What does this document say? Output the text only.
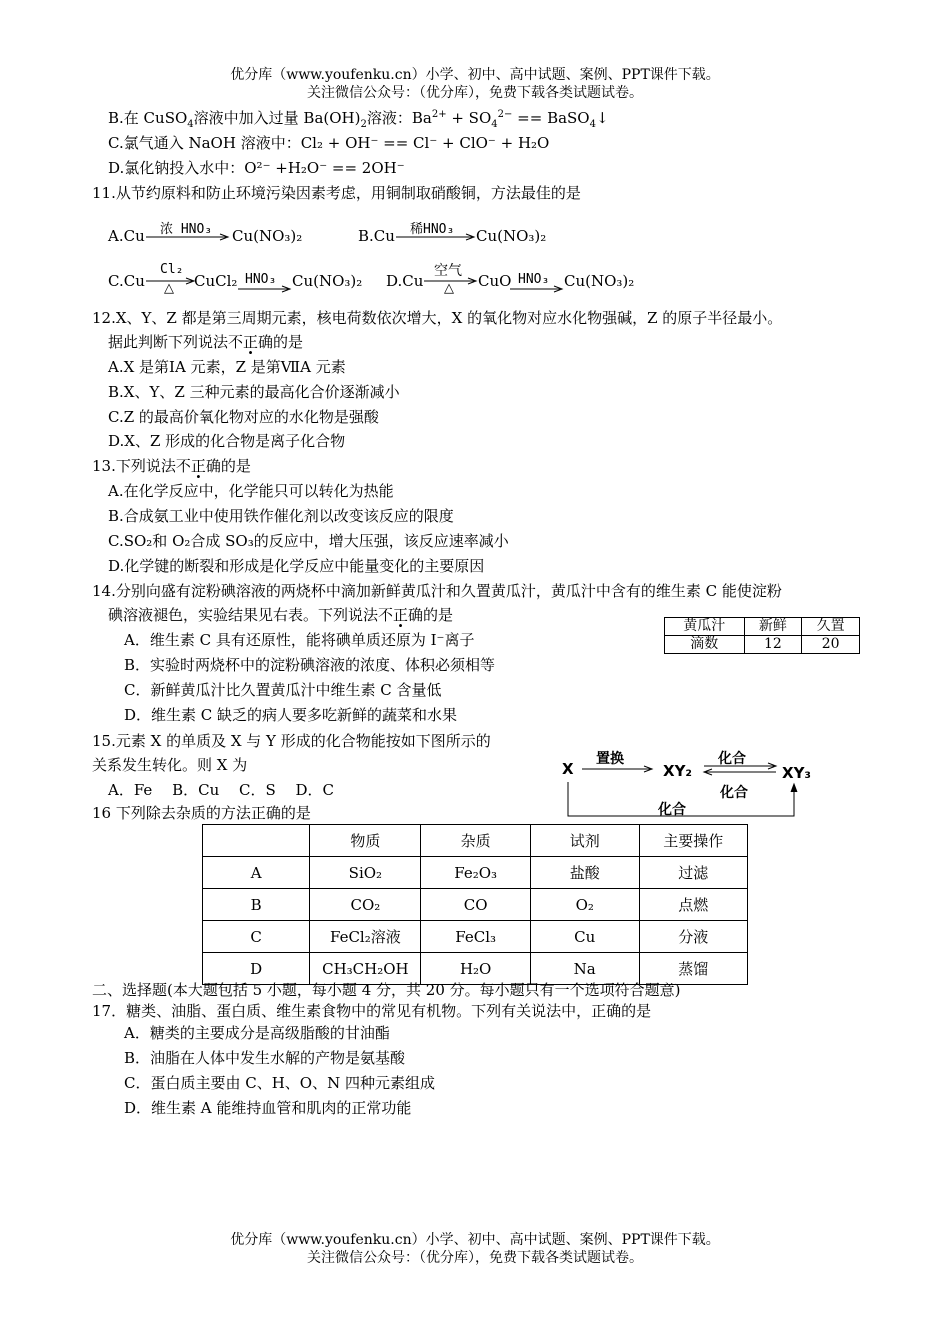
优分库（www.youfenku.cn）小学、初中、高中试题、案例、PPT课件下载。
关注微信公众号：（优分库），免费下载各类试题试卷。
B.在 CuSO$_4$溶液中加入过量 $Ba(OH)_2$溶液：$Ba^{2+} + SO_4^{2-}$ == BaSO$_4$↓
C.氯气通入 NaOH 溶液中：Cl₂ + OH⁻ == Cl⁻ + ClO⁻ + H₂O
D.氯化钠投入水中：O²⁻ +H₂O⁻ == 2OH⁻
11.从节约原料和防止环境污染因素考虑，用铜制取硝酸铜，方法最佳的是
A.Cu 浓 HNO₃ Cu(NO₃)₂	B.Cu 稀HNO₃ Cu(NO₃)₂
C.Cu
Cl₂
△ CuCl₂ HNO₃ Cu(NO₃)₂ D.Cu
空气
△ CuO HNO₃ Cu(NO₃)₂
12.X、Y、Z 都是第三周期元素，核电荷数依次增大，X 的氧化物对应水化物强碱，Z 的原子半径最小。
据此判断下列说法不正确的是
A.X 是第ⅠA 元素，Z 是第ⅦA 元素
B.X、Y、Z 三种元素的最高化合价逐渐减小
C.Z 的最高价氧化物对应的水化物是强酸
D.X、Z 形成的化合物是离子化合物
13.下列说法不正确的是
A.在化学反应中，化学能只可以转化为热能
B.合成氨工业中使用铁作催化剂以改变该反应的限度
C.SO₂和 O₂合成 SO₃的反应中，增大压强，该反应速率减小
D.化学键的断裂和形成是化学反应中能量变化的主要原因
14.分别向盛有淀粉碘溶液的两烧杯中滴加新鲜黄瓜汁和久置黄瓜汁，黄瓜汁中含有的维生素 C 能使淀粉
碘溶液褪色，实验结果见右表。下列说法不正确的是
A．维生素 C 具有还原性，能将碘单质还原为 I⁻离子
B．实验时两烧杯中的淀粉碘溶液的浓度、体积必须相等
C．新鲜黄瓜汁比久置黄瓜汁中维生素 C 含量低
D．维生素 C 缺乏的病人要多吃新鲜的蔬菜和水果
黄瓜汁	新鲜	久置
滴数	12	20
15.元素 X 的单质及 X 与 Y 形成的化合物能按如下图所示的
关系发生转化。则 X 为
A．Fe　 B．Cu　 C．S　 D．C
X	XY₂	XY₃
置换	化合
化合
化合
16 下列除去杂质的方法正确的是
	物质	杂质	试剂	主要操作
A	SiO₂	Fe₂O₃	盐酸	过滤
B	CO₂	CO	O₂	点燃
C	FeCl₂溶液	FeCl₃	Cu	分液
D	CH₃CH₂OH	H₂O	Na	蒸馏
二、选择题(本大题包括 5 小题，每小题 4 分，共 20 分。每小题只有一个选项符合题意)
17．糖类、油脂、蛋白质、维生素食物中的常见有机物。下列有关说法中，正确的是
A．糖类的主要成分是高级脂酸的甘油酯
B．油脂在人体中发生水解的产物是氨基酸
C．蛋白质主要由 C、H、O、N 四种元素组成
D．维生素 A 能维持血管和肌肉的正常功能
优分库（www.youfenku.cn）小学、初中、高中试题、案例、PPT课件下载。
关注微信公众号：（优分库），免费下载各类试题试卷。
